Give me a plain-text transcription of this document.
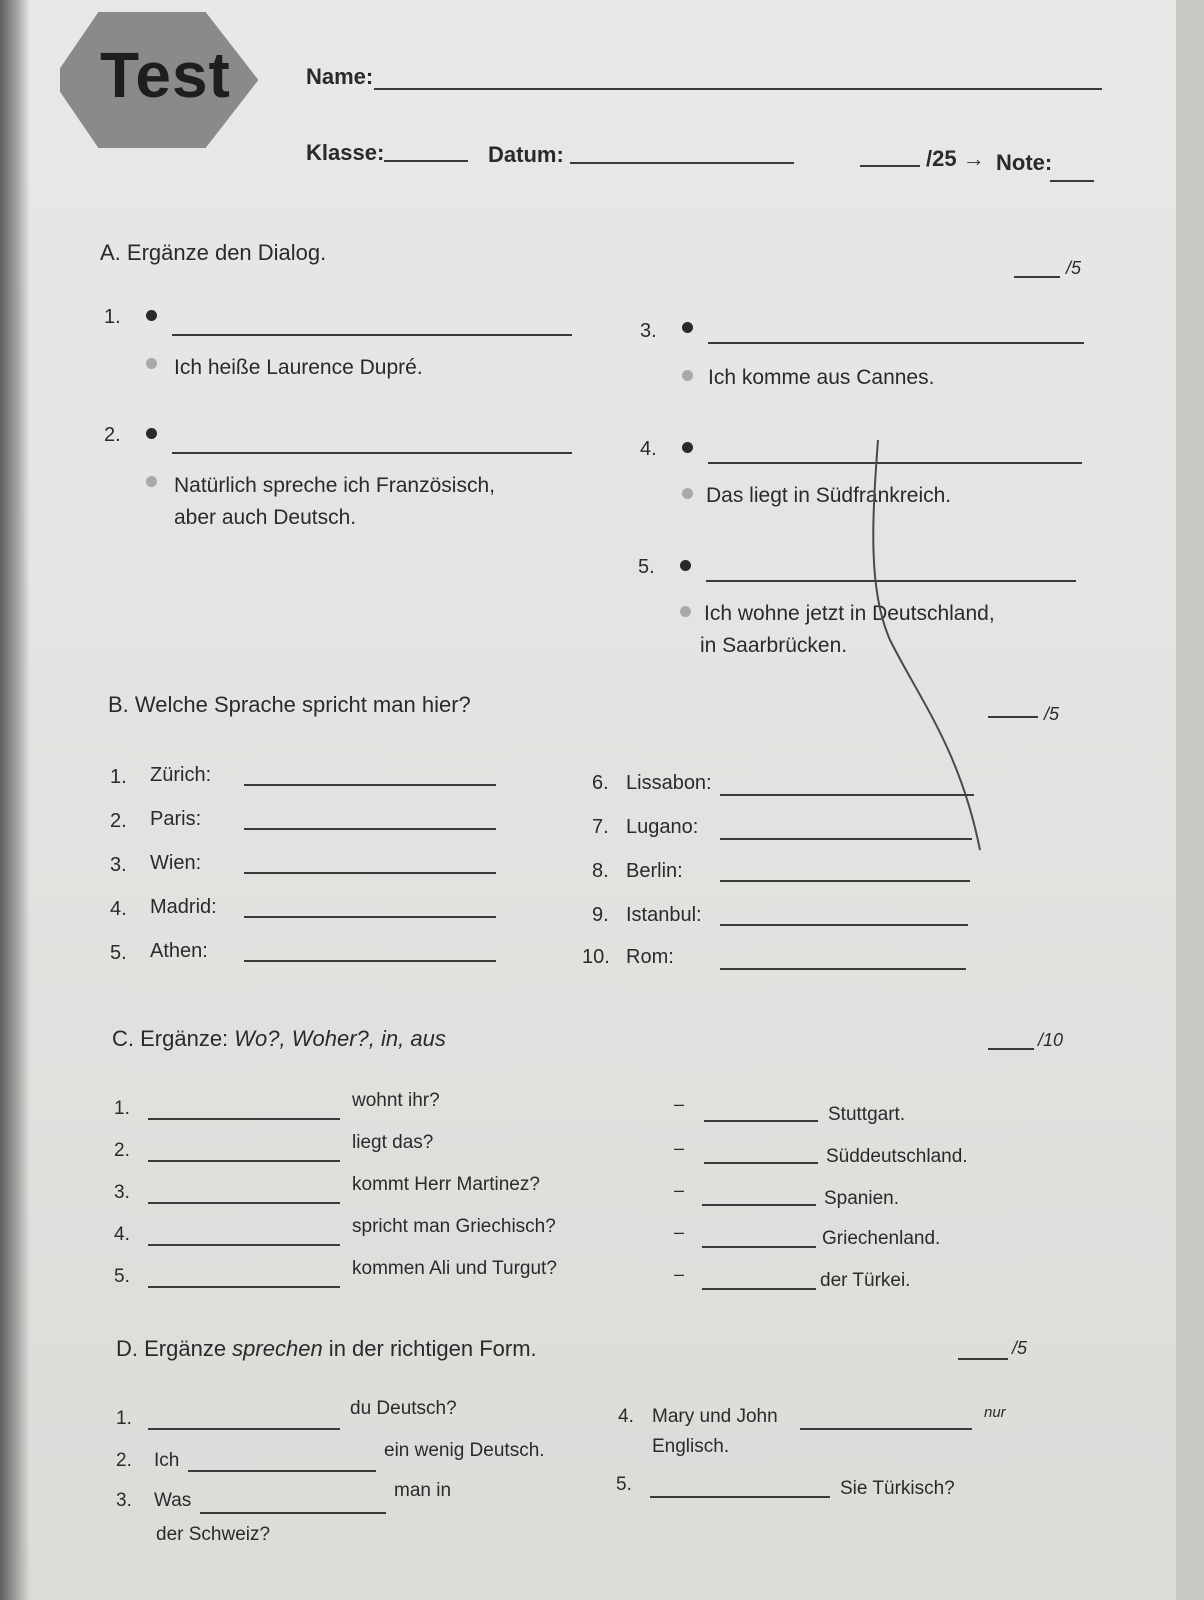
Test	Name:
Klasse:	Datum:	/25 → Note:
A. Ergänze den Dialog.
/5
1.
Ich heiße Laurence Dupré.
2.
Natürlich spreche ich Französisch,
aber auch Deutsch.
3.
Ich komme aus Cannes.
4.
Das liegt in Südfrankreich.
5.
Ich wohne jetzt in Deutschland,
in Saarbrücken.
B. Welche Sprache spricht man hier?	/5
1. Zürich:
2. Paris:
3. Wien:
4. Madrid:
5. Athen:
6. Lissabon:
7. Lugano:
8. Berlin:
9. Istanbul:
10. Rom:
C. Ergänze: Wo?, Woher?, in, aus	/10
1.	wohnt ihr?	–	Stuttgart.
2.	liegt das?	–	Süddeutschland.
3.	kommt Herr Martinez?	–	Spanien.
4.	spricht man Griechisch?	–	Griechenland.
5.	kommen Ali und Turgut?	–	der Türkei.
D. Ergänze sprechen in der richtigen Form.	/5
1.	du Deutsch?
2. Ich	ein wenig Deutsch.
3. Was	man in
der Schweiz?
4. Mary und John	nur
Englisch.
5.	Sie Türkisch?
